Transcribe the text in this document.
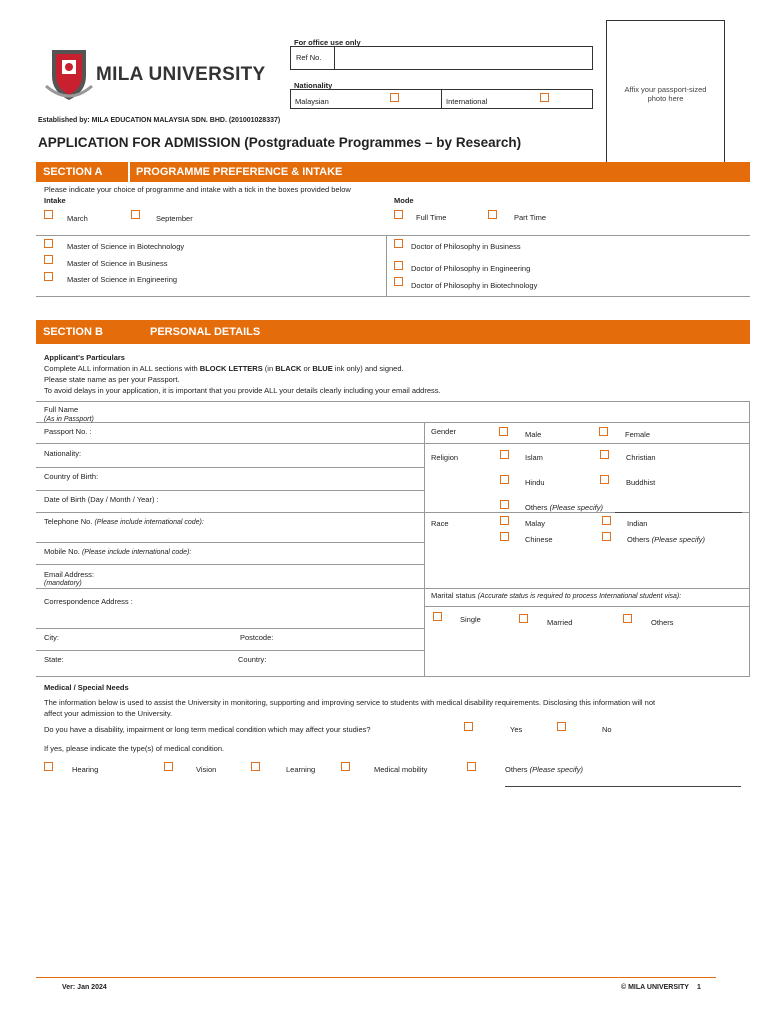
MILA UNIVERSITY
For office use only
Ref No.
Nationality
Malaysian	International
Affix your passport-sized
photo here
Established by: MILA EDUCATION MALAYSIA SDN. BHD. (201001028337)
APPLICATION FOR ADMISSION (Postgraduate Programmes – by Research)
SECTION A	PROGRAMME PREFERENCE & INTAKE
Please indicate your choice of programme and intake with a tick in the boxes provided below
Intake	Mode
March	September	Full Time	Part Time
Master of Science in Biotechnology
Master of Science in Business
Master of Science in Engineering
Doctor of Philosophy in Business
Doctor of Philosophy in Engineering
Doctor of Philosophy in Biotechnology
SECTION B	PERSONAL DETAILS
Applicant's Particulars
Complete ALL information in ALL sections with BLOCK LETTERS (in BLACK or BLUE ink only) and signed.
Please state name as per your Passport.
To avoid delays in your application, it is important that you provide ALL your details clearly including your email address.
Full Name
(As in Passport)
Passport No. :
Nationality:
Country of Birth:
Date of Birth (Day / Month / Year) :
Telephone No. (Please include international code):
Mobile No. (Please include international code):
Email Address:
(mandatory)
Correspondence Address :
City:	Postcode:
State:	Country:
Gender	Male	Female
Religion	Islam	Christian
Hindu	Buddhist
Others (Please specify)
Race	Malay	Indian
Chinese	Others (Please specify)
Marital status (Accurate status is required to process International student visa):
Single	Married	Others
Medical / Special Needs
The information below is used to assist the University in monitoring, supporting and improving service to students with medical disability requirements. Disclosing this information will not
affect your admission to the University.
Do you have a disability, impairment or long term medical condition which may affect your studies?	Yes	No
If yes, please indicate the type(s) of medical condition.
Hearing	Vision	Learning	Medical mobility	Others (Please specify)
Ver: Jan 2024	© MILA UNIVERSITY 1
